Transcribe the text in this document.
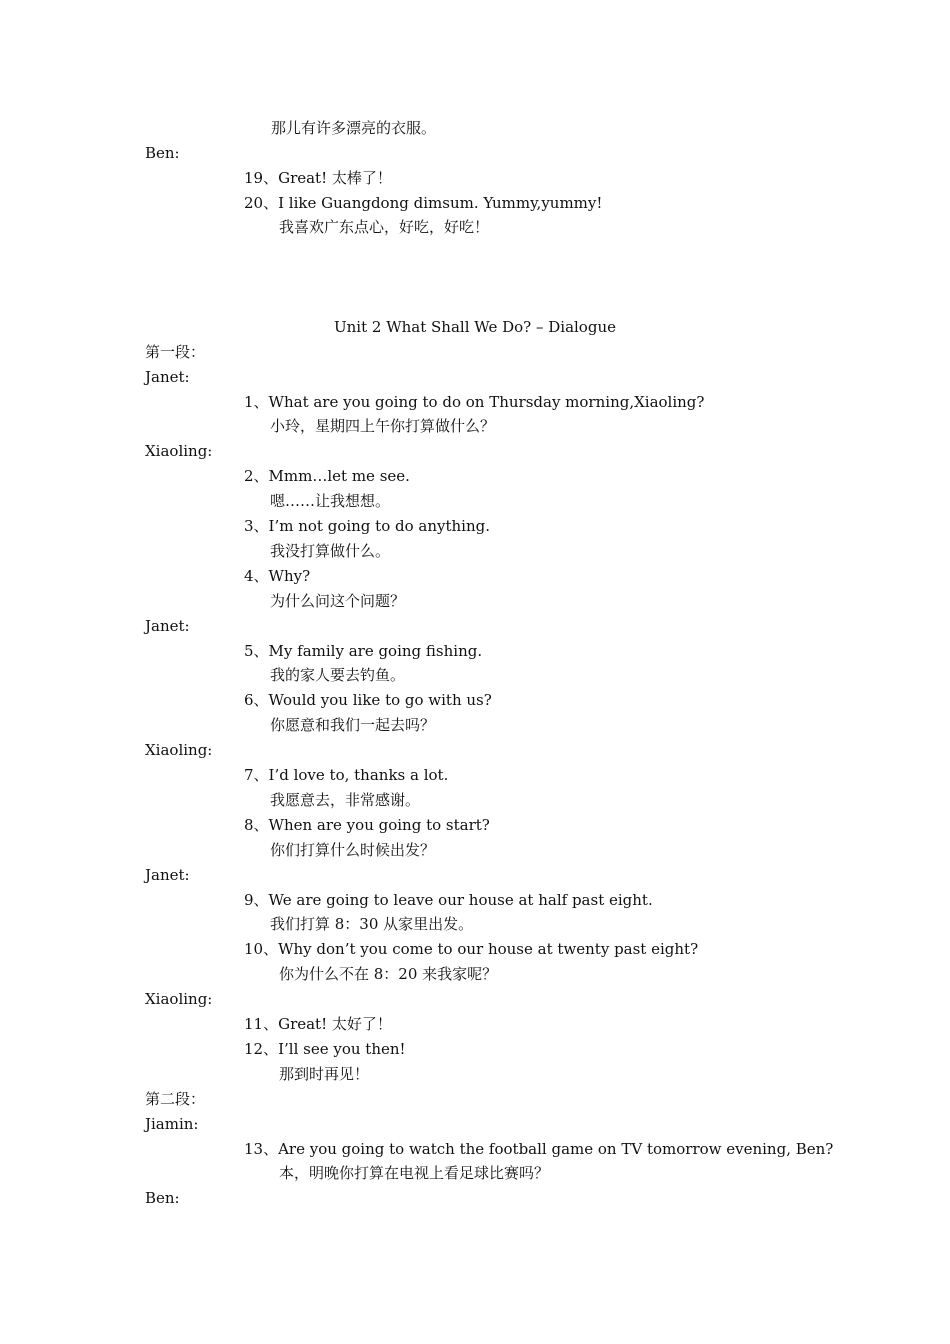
那儿有许多漂亮的衣服。
Ben:
19、Great! 太棒了！
20、I like Guangdong dimsum. Yummy,yummy!
我喜欢广东点心，好吃，好吃！
Unit 2 What Shall We Do? – Dialogue
第一段：
Janet:
1、What are you going to do on Thursday morning,Xiaoling?
小玲，星期四上午你打算做什么？
Xiaoling:
2、Mmm…let me see.
嗯……让我想想。
3、I’m not going to do anything.
我没打算做什么。
4、Why?
为什么问这个问题？
Janet:
5、My family are going fishing.
我的家人要去钓鱼。
6、Would you like to go with us?
你愿意和我们一起去吗？
Xiaoling:
7、I’d love to, thanks a lot.
我愿意去，非常感谢。
8、When are you going to start?
你们打算什么时候出发？
Janet:
9、We are going to leave our house at half past eight.
我们打算 8：30 从家里出发。
10、Why don’t you come to our house at twenty past eight?
你为什么不在 8：20 来我家呢？
Xiaoling:
11、Great! 太好了！
12、I’ll see you then!
那到时再见！
第二段：
Jiamin:
13、Are you going to watch the football game on TV tomorrow evening, Ben?
本，明晚你打算在电视上看足球比赛吗？
Ben:
